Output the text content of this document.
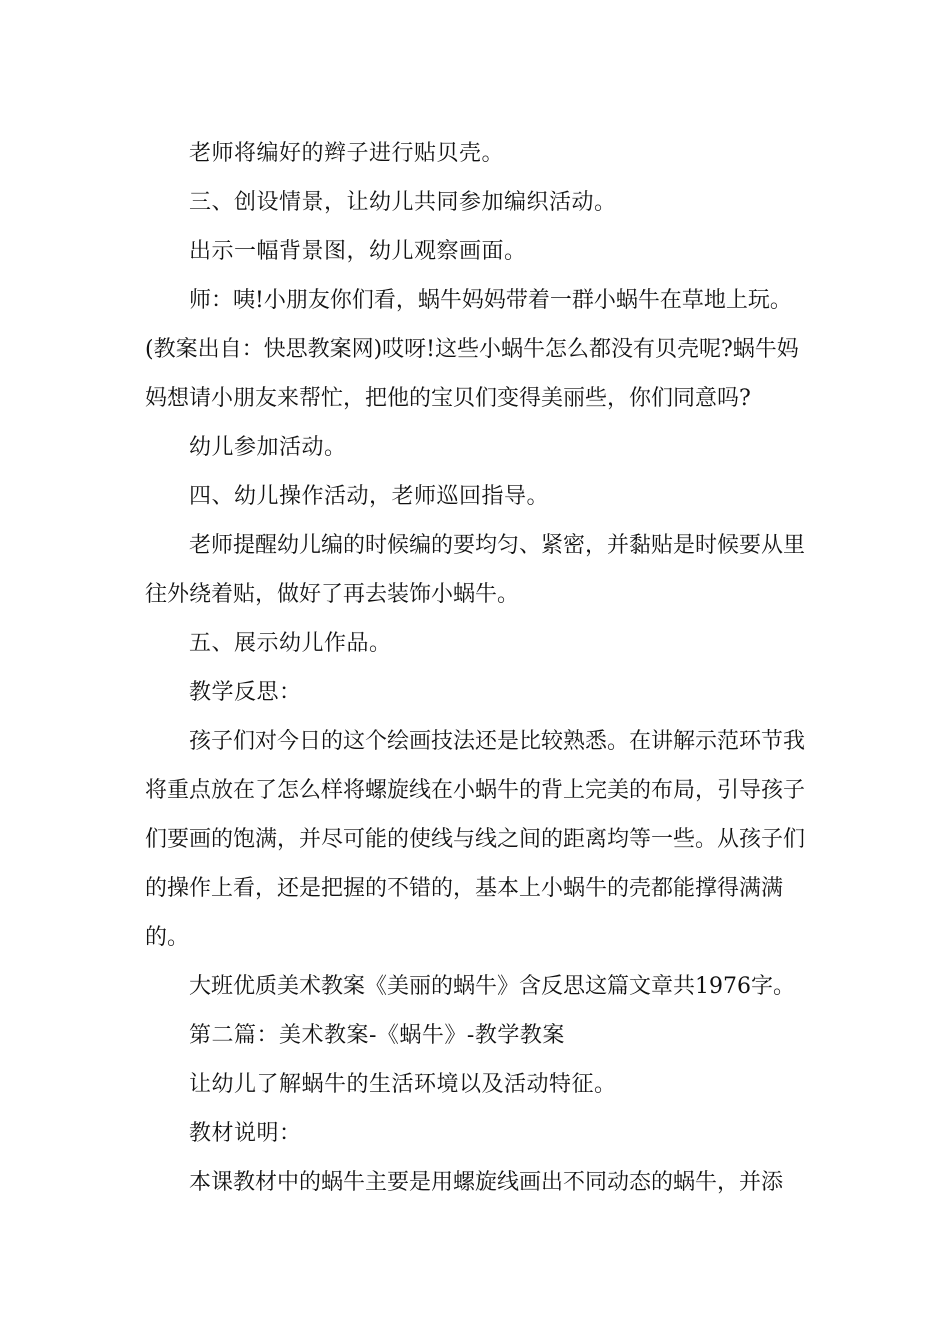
老师将编好的辫子进行贴贝壳。

三、创设情景，让幼儿共同参加编织活动。

出示一幅背景图，幼儿观察画面。

师：咦!小朋友你们看，蜗牛妈妈带着一群小蜗牛在草地上玩。(教案出自：快思教案网)哎呀!这些小蜗牛怎么都没有贝壳呢?蜗牛妈妈想请小朋友来帮忙，把他的宝贝们变得美丽些，你们同意吗?

幼儿参加活动。

四、幼儿操作活动，老师巡回指导。

老师提醒幼儿编的时候编的要均匀、紧密，并黏贴是时候要从里往外绕着贴，做好了再去装饰小蜗牛。

五、展示幼儿作品。

教学反思：

孩子们对今日的这个绘画技法还是比较熟悉。在讲解示范环节我将重点放在了怎么样将螺旋线在小蜗牛的背上完美的布局，引导孩子们要画的饱满，并尽可能的使线与线之间的距离均等一些。从孩子们的操作上看，还是把握的不错的，基本上小蜗牛的壳都能撑得满满的。

大班优质美术教案《美丽的蜗牛》含反思这篇文章共1976字。

第二篇：美术教案-《蜗牛》-教学教案

让幼儿了解蜗牛的生活环境以及活动特征。

教材说明：

本课教材中的蜗牛主要是用螺旋线画出不同动态的蜗牛，并添
